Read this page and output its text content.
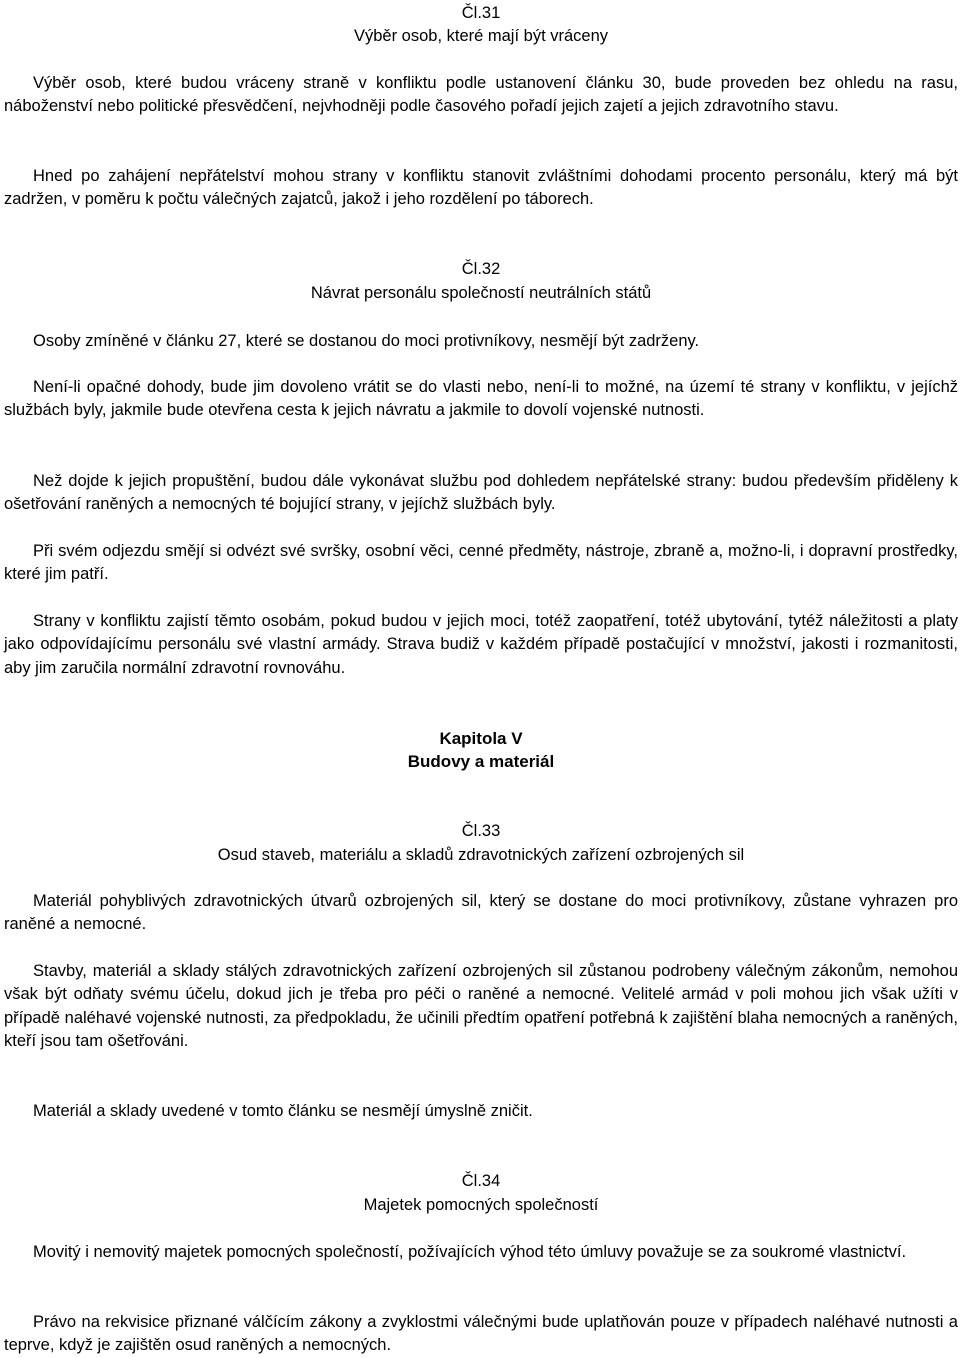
Čl.31
Výběr osob, které mají být vráceny

Výběr osob, které budou vráceny straně v konfliktu podle ustanovení článku 30, bude proveden bez ohledu na rasu, náboženství nebo politické přesvědčení, nejvhodněji podle časového pořadí jejich zajetí a jejich zdravotního stavu.

Hned po zahájení nepřátelství mohou strany v konfliktu stanovit zvláštními dohodami procento personálu, který má být zadržen, v poměru k počtu válečných zajatců, jakož i jeho rozdělení po táborech.

Čl.32
Návrat personálu společností neutrálních států

Osoby zmíněné v článku 27, které se dostanou do moci protivníkovy, nesmějí být zadrženy.

Není-li opačné dohody, bude jim dovoleno vrátit se do vlasti nebo, není-li to možné, na území té strany v konfliktu, v jejíchž službách byly, jakmile bude otevřena cesta k jejich návratu a jakmile to dovolí vojenské nutnosti.

Než dojde k jejich propuštění, budou dále vykonávat službu pod dohledem nepřátelské strany: budou především přiděleny k ošetřování raněných a nemocných té bojující strany, v jejíchž službách byly.

Při svém odjezdu smějí si odvézt své svršky, osobní věci, cenné předměty, nástroje, zbraně a, možno-li, i dopravní prostředky, které jim patří.

Strany v konfliktu zajistí těmto osobám, pokud budou v jejich moci, totéž zaopatření, totéž ubytování, tytéž náležitosti a platy jako odpovídajícímu personálu své vlastní armády. Strava budiž v každém případě postačující v množství, jakosti i rozmanitosti, aby jim zaručila normální zdravotní rovnováhu.

Kapitola V
Budovy a materiál
Čl.33
Osud staveb, materiálu a skladů zdravotnických zařízení ozbrojených sil

Materiál pohyblivých zdravotnických útvarů ozbrojených sil, který se dostane do moci protivníkovy, zůstane vyhrazen pro raněné a nemocné.

Stavby, materiál a sklady stálých zdravotnických zařízení ozbrojených sil zůstanou podrobeny válečným zákonům, nemohou však být odňaty svému účelu, dokud jich je třeba pro péči o raněné a nemocné. Velitelé armád v poli mohou jich však užíti v případě naléhavé vojenské nutnosti, za předpokladu, že učinili předtím opatření potřebná k zajištění blaha nemocných a raněných, kteří jsou tam ošetřováni.

Materiál a sklady uvedené v tomto článku se nesmějí úmyslně zničit.

Čl.34
Majetek pomocných společností

Movitý i nemovitý majetek pomocných společností, požívajících výhod této úmluvy považuje se za soukromé vlastnictví.

Právo na rekvisice přiznané válčícím zákony a zvyklostmi válečnými bude uplatňován pouze v případech naléhavé nutnosti a teprve, když je zajištěn osud raněných a nemocných.
